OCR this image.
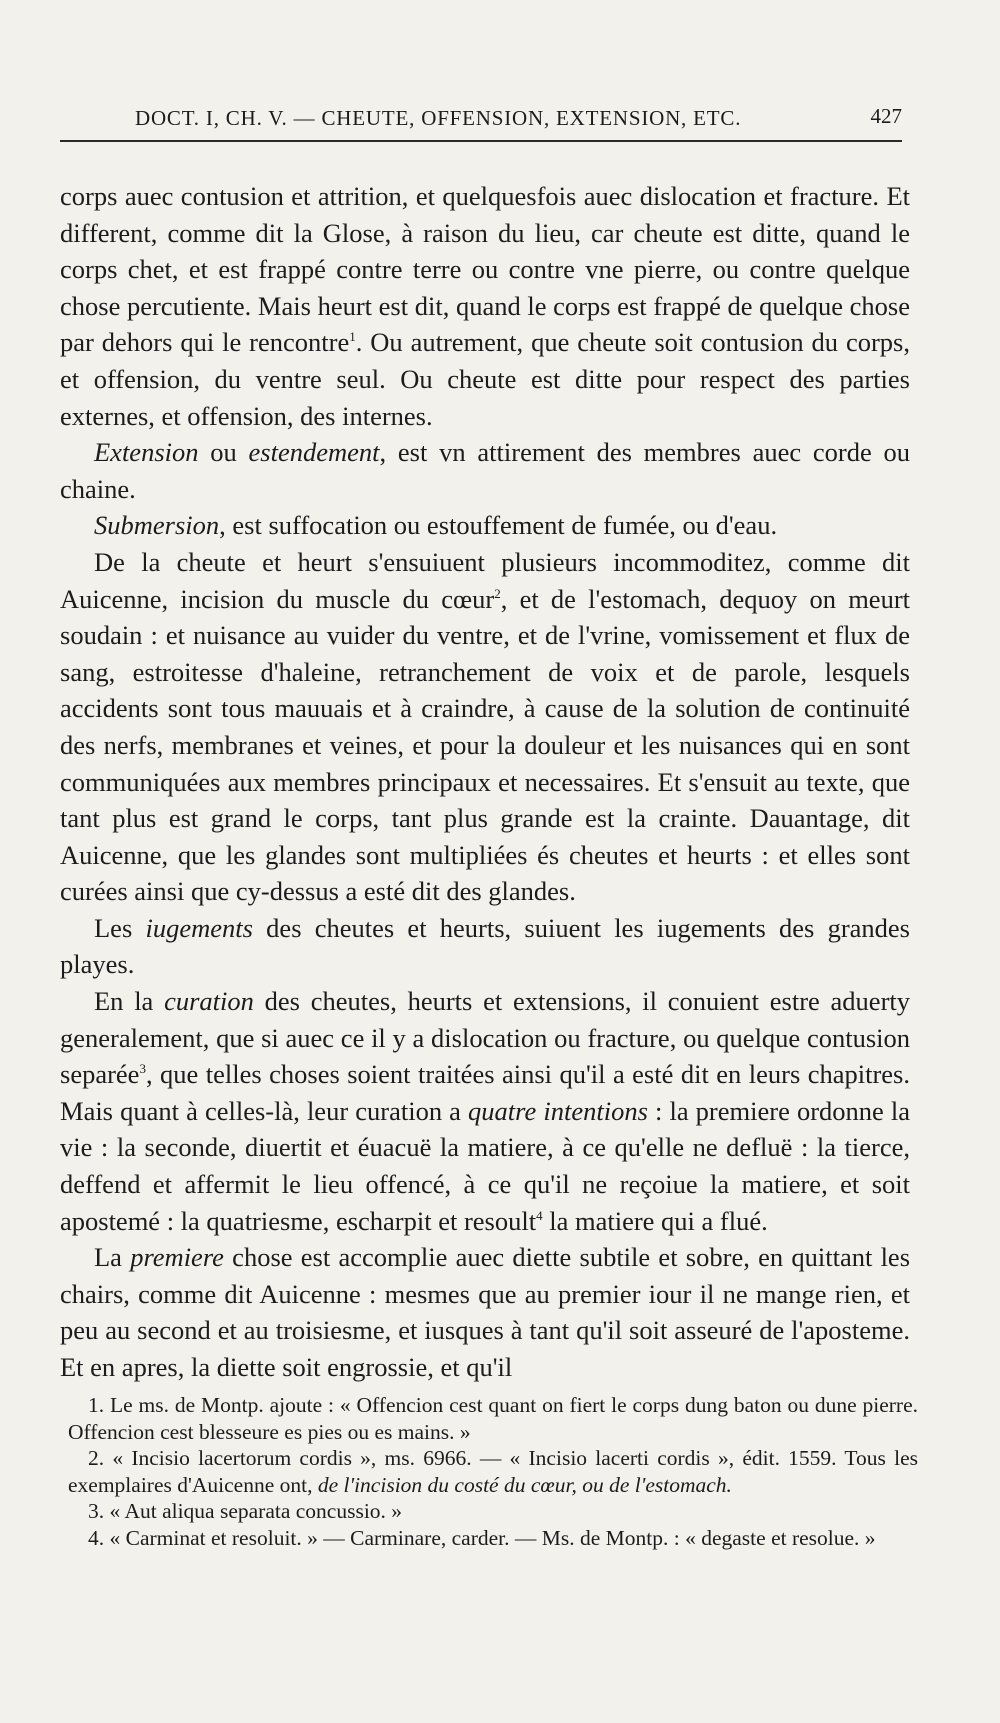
DOCT. I, CH. V. — CHEUTE, OFFENSION, EXTENSION, ETC.	427

corps auec contusion et attrition, et quelquesfois auec dislocation et fracture. Et different, comme dit la Glose, à raison du lieu, car cheute est ditte, quand le corps chet, et est frappé contre terre ou contre vne pierre, ou contre quelque chose percutiente. Mais heurt est dit, quand le corps est frappé de quelque chose par dehors qui le rencontre$^1$. Ou autrement, que cheute soit contusion du corps, et offension, du ventre seul. Ou cheute est ditte pour respect des parties externes, et offension, des internes.

Extension ou estendement, est vn attirement des membres auec corde ou chaine.

Submersion, est suffocation ou estouffement de fumée, ou d'eau.

De la cheute et heurt s'ensuiuent plusieurs incommoditez, comme dit Auicenne, incision du muscle du cœur$^2$, et de l'estomach, dequoy on meurt soudain : et nuisance au vuider du ventre, et de l'vrine, vomissement et flux de sang, estroitesse d'haleine, retranchement de voix et de parole, lesquels accidents sont tous mauuais et à craindre, à cause de la solution de continuité des nerfs, membranes et veines, et pour la douleur et les nuisances qui en sont communiquées aux membres principaux et necessaires. Et s'ensuit au texte, que tant plus est grand le corps, tant plus grande est la crainte. Dauantage, dit Auicenne, que les glandes sont multipliées és cheutes et heurts : et elles sont curées ainsi que cy-dessus a esté dit des glandes.

Les iugements des cheutes et heurts, suiuent les iugements des grandes playes.

En la curation des cheutes, heurts et extensions, il conuient estre aduerty generalement, que si auec ce il y a dislocation ou fracture, ou quelque contusion separée$^3$, que telles choses soient traitées ainsi qu'il a esté dit en leurs chapitres. Mais quant à celles-là, leur curation a quatre intentions : la premiere ordonne la vie : la seconde, diuertit et éuacuë la matiere, à ce qu'elle ne defluë : la tierce, deffend et affermit le lieu offencé, à ce qu'il ne reçoiue la matiere, et soit apostemé : la quatriesme, escharpit et resoult$^4$ la matiere qui a flué.

La premiere chose est accomplie auec diette subtile et sobre, en quittant les chairs, comme dit Auicenne : mesmes que au premier iour il ne mange rien, et peu au second et au troisiesme, et iusques à tant qu'il soit asseuré de l'aposteme. Et en apres, la diette soit engrossie, et qu'il

1. Le ms. de Montp. ajoute : « Offencion cest quant on fiert le corps dung baton ou dune pierre. Offencion cest blesseure es pies ou es mains. »

2. « Incisio lacertorum cordis », ms. 6966. — « Incisio lacerti cordis », édit. 1559. Tous les exemplaires d'Auicenne ont, de l'incision du costé du cœur, ou de l'estomach.

3. « Aut aliqua separata concussio. »

4. « Carminat et resoluit. » — Carminare, carder. — Ms. de Montp. : « degaste et resolue. »
